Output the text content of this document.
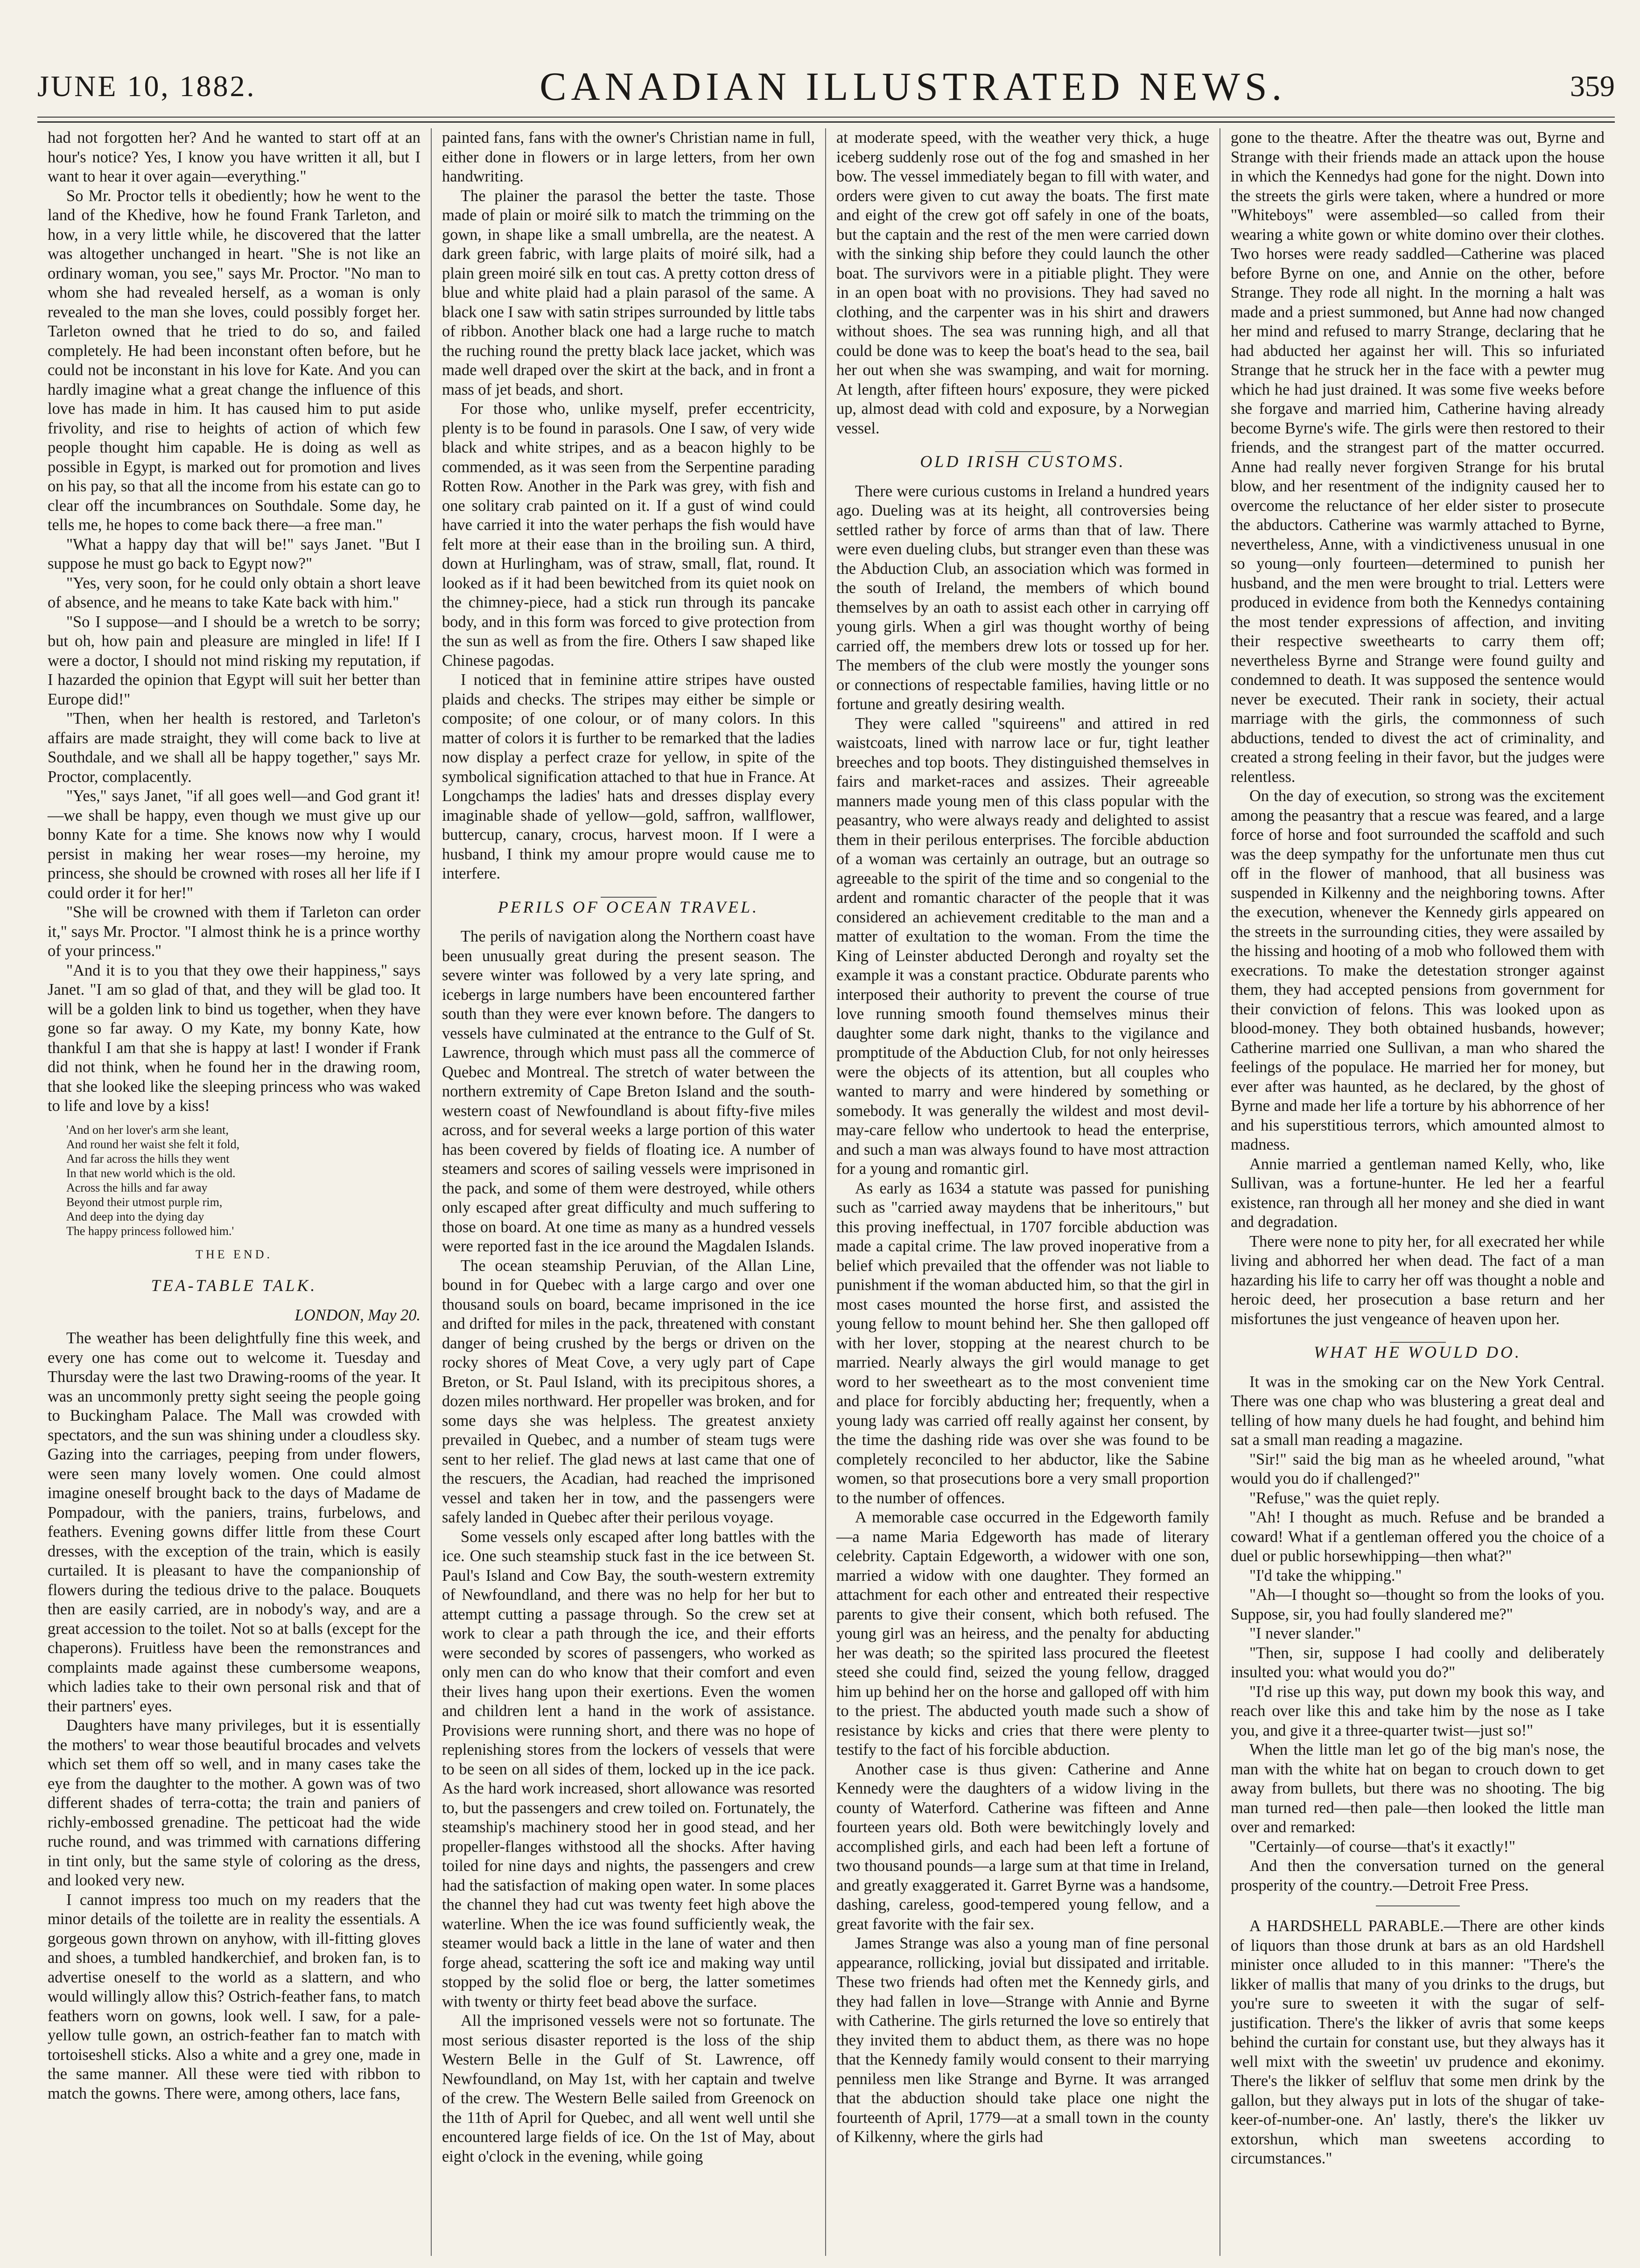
JUNE 10, 1882.	CANADIAN ILLUSTRATED NEWS.	359

had not forgotten her? And he wanted to start off at an hour's notice? Yes, I know you have written it all, but I want to hear it over again—everything."

So Mr. Proctor tells it obediently; how he went to the land of the Khedive, how he found Frank Tarleton, and how, in a very little while, he discovered that the latter was altogether unchanged in heart. "She is not like an ordinary woman, you see," says Mr. Proctor. "No man to whom she had revealed herself, as a woman is only revealed to the man she loves, could possibly forget her. Tarleton owned that he tried to do so, and failed completely. He had been inconstant often before, but he could not be inconstant in his love for Kate. And you can hardly imagine what a great change the influence of this love has made in him. It has caused him to put aside frivolity, and rise to heights of action of which few people thought him capable. He is doing as well as possible in Egypt, is marked out for promotion and lives on his pay, so that all the income from his estate can go to clear off the incumbrances on Southdale. Some day, he tells me, he hopes to come back there—a free man."

"What a happy day that will be!" says Janet. "But I suppose he must go back to Egypt now?"

"Yes, very soon, for he could only obtain a short leave of absence, and he means to take Kate back with him."

"So I suppose—and I should be a wretch to be sorry; but oh, how pain and pleasure are mingled in life! If I were a doctor, I should not mind risking my reputation, if I hazarded the opinion that Egypt will suit her better than Europe did!"

"Then, when her health is restored, and Tarleton's affairs are made straight, they will come back to live at Southdale, and we shall all be happy together," says Mr. Proctor, complacently.

"Yes," says Janet, "if all goes well—and God grant it!—we shall be happy, even though we must give up our bonny Kate for a time. She knows now why I would persist in making her wear roses—my heroine, my princess, she should be crowned with roses all her life if I could order it for her!"

"She will be crowned with them if Tarleton can order it," says Mr. Proctor. "I almost think he is a prince worthy of your princess."

"And it is to you that they owe their happiness," says Janet. "I am so glad of that, and they will be glad too. It will be a golden link to bind us together, when they have gone so far away. O my Kate, my bonny Kate, how thankful I am that she is happy at last! I wonder if Frank did not think, when he found her in the drawing room, that she looked like the sleeping princess who was waked to life and love by a kiss!

'And on her lover's arm she leant,
And round her waist she felt it fold,
And far across the hills they went
In that new world which is the old.
Across the hills and far away
Beyond their utmost purple rim,
And deep into the dying day
The happy princess followed him.'
THE END.
TEA-TABLE TALK.
LONDON, May 20.

The weather has been delightfully fine this week, and every one has come out to welcome it. Tuesday and Thursday were the last two Drawing-rooms of the year. It was an uncommonly pretty sight seeing the people going to Buckingham Palace. The Mall was crowded with spectators, and the sun was shining under a cloudless sky. Gazing into the carriages, peeping from under flowers, were seen many lovely women. One could almost imagine oneself brought back to the days of Madame de Pompadour, with the paniers, trains, furbelows, and feathers. Evening gowns differ little from these Court dresses, with the exception of the train, which is easily curtailed. It is pleasant to have the companionship of flowers during the tedious drive to the palace. Bouquets then are easily carried, are in nobody's way, and are a great accession to the toilet. Not so at balls (except for the chaperons). Fruitless have been the remonstrances and complaints made against these cumbersome weapons, which ladies take to their own personal risk and that of their partners' eyes.

Daughters have many privileges, but it is essentially the mothers' to wear those beautiful brocades and velvets which set them off so well, and in many cases take the eye from the daughter to the mother. A gown was of two different shades of terra-cotta; the train and paniers of richly-embossed grenadine. The petticoat had the wide ruche round, and was trimmed with carnations differing in tint only, but the same style of coloring as the dress, and looked very new.

I cannot impress too much on my readers that the minor details of the toilette are in reality the essentials. A gorgeous gown thrown on anyhow, with ill-fitting gloves and shoes, a tumbled handkerchief, and broken fan, is to advertise oneself to the world as a slattern, and who would willingly allow this? Ostrich-feather fans, to match feathers worn on gowns, look well. I saw, for a pale-yellow tulle gown, an ostrich-feather fan to match with tortoiseshell sticks. Also a white and a grey one, made in the same manner. All these were tied with ribbon to match the gowns. There were, among others, lace fans,

painted fans, fans with the owner's Christian name in full, either done in flowers or in large letters, from her own handwriting.

The plainer the parasol the better the taste. Those made of plain or moiré silk to match the trimming on the gown, in shape like a small umbrella, are the neatest. A dark green fabric, with large plaits of moiré silk, had a plain green moiré silk en tout cas. A pretty cotton dress of blue and white plaid had a plain parasol of the same. A black one I saw with satin stripes surrounded by little tabs of ribbon. Another black one had a large ruche to match the ruching round the pretty black lace jacket, which was made well draped over the skirt at the back, and in front a mass of jet beads, and short.

For those who, unlike myself, prefer eccentricity, plenty is to be found in parasols. One I saw, of very wide black and white stripes, and as a beacon highly to be commended, as it was seen from the Serpentine parading Rotten Row. Another in the Park was grey, with fish and one solitary crab painted on it. If a gust of wind could have carried it into the water perhaps the fish would have felt more at their ease than in the broiling sun. A third, down at Hurlingham, was of straw, small, flat, round. It looked as if it had been bewitched from its quiet nook on the chimney-piece, had a stick run through its pancake body, and in this form was forced to give protection from the sun as well as from the fire. Others I saw shaped like Chinese pagodas.

I noticed that in feminine attire stripes have ousted plaids and checks. The stripes may either be simple or composite; of one colour, or of many colors. In this matter of colors it is further to be remarked that the ladies now display a perfect craze for yellow, in spite of the symbolical signification attached to that hue in France. At Longchamps the ladies' hats and dresses display every imaginable shade of yellow—gold, saffron, wallflower, buttercup, canary, crocus, harvest moon. If I were a husband, I think my amour propre would cause me to interfere.

PERILS OF OCEAN TRAVEL.

The perils of navigation along the Northern coast have been unusually great during the present season. The severe winter was followed by a very late spring, and icebergs in large numbers have been encountered farther south than they were ever known before. The dangers to vessels have culminated at the entrance to the Gulf of St. Lawrence, through which must pass all the commerce of Quebec and Montreal. The stretch of water between the northern extremity of Cape Breton Island and the south-western coast of Newfoundland is about fifty-five miles across, and for several weeks a large portion of this water has been covered by fields of floating ice. A number of steamers and scores of sailing vessels were imprisoned in the pack, and some of them were destroyed, while others only escaped after great difficulty and much suffering to those on board. At one time as many as a hundred vessels were reported fast in the ice around the Magdalen Islands.

The ocean steamship Peruvian, of the Allan Line, bound in for Quebec with a large cargo and over one thousand souls on board, became imprisoned in the ice and drifted for miles in the pack, threatened with constant danger of being crushed by the bergs or driven on the rocky shores of Meat Cove, a very ugly part of Cape Breton, or St. Paul Island, with its precipitous shores, a dozen miles northward. Her propeller was broken, and for some days she was helpless. The greatest anxiety prevailed in Quebec, and a number of steam tugs were sent to her relief. The glad news at last came that one of the rescuers, the Acadian, had reached the imprisoned vessel and taken her in tow, and the passengers were safely landed in Quebec after their perilous voyage.

Some vessels only escaped after long battles with the ice. One such steamship stuck fast in the ice between St. Paul's Island and Cow Bay, the south-western extremity of Newfoundland, and there was no help for her but to attempt cutting a passage through. So the crew set at work to clear a path through the ice, and their efforts were seconded by scores of passengers, who worked as only men can do who know that their comfort and even their lives hang upon their exertions. Even the women and children lent a hand in the work of assistance. Provisions were running short, and there was no hope of replenishing stores from the lockers of vessels that were to be seen on all sides of them, locked up in the ice pack. As the hard work increased, short allowance was resorted to, but the passengers and crew toiled on. Fortunately, the steamship's machinery stood her in good stead, and her propeller-flanges withstood all the shocks. After having toiled for nine days and nights, the passengers and crew had the satisfaction of making open water. In some places the channel they had cut was twenty feet high above the waterline. When the ice was found sufficiently weak, the steamer would back a little in the lane of water and then forge ahead, scattering the soft ice and making way until stopped by the solid floe or berg, the latter sometimes with twenty or thirty feet bead above the surface.

All the imprisoned vessels were not so fortunate. The most serious disaster reported is the loss of the ship Western Belle in the Gulf of St. Lawrence, off Newfoundland, on May 1st, with her captain and twelve of the crew. The Western Belle sailed from Greenock on the 11th of April for Quebec, and all went well until she encountered large fields of ice. On the 1st of May, about eight o'clock in the evening, while going

at moderate speed, with the weather very thick, a huge iceberg suddenly rose out of the fog and smashed in her bow. The vessel immediately began to fill with water, and orders were given to cut away the boats. The first mate and eight of the crew got off safely in one of the boats, but the captain and the rest of the men were carried down with the sinking ship before they could launch the other boat. The survivors were in a pitiable plight. They were in an open boat with no provisions. They had saved no clothing, and the carpenter was in his shirt and drawers without shoes. The sea was running high, and all that could be done was to keep the boat's head to the sea, bail her out when she was swamping, and wait for morning. At length, after fifteen hours' exposure, they were picked up, almost dead with cold and exposure, by a Norwegian vessel.

OLD IRISH CUSTOMS.

There were curious customs in Ireland a hundred years ago. Dueling was at its height, all controversies being settled rather by force of arms than that of law. There were even dueling clubs, but stranger even than these was the Abduction Club, an association which was formed in the south of Ireland, the members of which bound themselves by an oath to assist each other in carrying off young girls. When a girl was thought worthy of being carried off, the members drew lots or tossed up for her. The members of the club were mostly the younger sons or connections of respectable families, having little or no fortune and greatly desiring wealth.

They were called "squireens" and attired in red waistcoats, lined with narrow lace or fur, tight leather breeches and top boots. They distinguished themselves in fairs and market-races and assizes. Their agreeable manners made young men of this class popular with the peasantry, who were always ready and delighted to assist them in their perilous enterprises. The forcible abduction of a woman was certainly an outrage, but an outrage so agreeable to the spirit of the time and so congenial to the ardent and romantic character of the people that it was considered an achievement creditable to the man and a matter of exultation to the woman. From the time the King of Leinster abducted Derongh and royalty set the example it was a constant practice. Obdurate parents who interposed their authority to prevent the course of true love running smooth found themselves minus their daughter some dark night, thanks to the vigilance and promptitude of the Abduction Club, for not only heiresses were the objects of its attention, but all couples who wanted to marry and were hindered by something or somebody. It was generally the wildest and most devil-may-care fellow who undertook to head the enterprise, and such a man was always found to have most attraction for a young and romantic girl.

As early as 1634 a statute was passed for punishing such as "carried away maydens that be inheritours," but this proving ineffectual, in 1707 forcible abduction was made a capital crime. The law proved inoperative from a belief which prevailed that the offender was not liable to punishment if the woman abducted him, so that the girl in most cases mounted the horse first, and assisted the young fellow to mount behind her. She then galloped off with her lover, stopping at the nearest church to be married. Nearly always the girl would manage to get word to her sweetheart as to the most convenient time and place for forcibly abducting her; frequently, when a young lady was carried off really against her consent, by the time the dashing ride was over she was found to be completely reconciled to her abductor, like the Sabine women, so that prosecutions bore a very small proportion to the number of offences.

A memorable case occurred in the Edgeworth family—a name Maria Edgeworth has made of literary celebrity. Captain Edgeworth, a widower with one son, married a widow with one daughter. They formed an attachment for each other and entreated their respective parents to give their consent, which both refused. The young girl was an heiress, and the penalty for abducting her was death; so the spirited lass procured the fleetest steed she could find, seized the young fellow, dragged him up behind her on the horse and galloped off with him to the priest. The abducted youth made such a show of resistance by kicks and cries that there were plenty to testify to the fact of his forcible abduction.

Another case is thus given: Catherine and Anne Kennedy were the daughters of a widow living in the county of Waterford. Catherine was fifteen and Anne fourteen years old. Both were bewitchingly lovely and accomplished girls, and each had been left a fortune of two thousand pounds—a large sum at that time in Ireland, and greatly exaggerated it. Garret Byrne was a handsome, dashing, careless, good-tempered young fellow, and a great favorite with the fair sex.

James Strange was also a young man of fine personal appearance, rollicking, jovial but dissipated and irritable. These two friends had often met the Kennedy girls, and they had fallen in love—Strange with Annie and Byrne with Catherine. The girls returned the love so entirely that they invited them to abduct them, as there was no hope that the Kennedy family would consent to their marrying penniless men like Strange and Byrne. It was arranged that the abduction should take place one night the fourteenth of April, 1779—at a small town in the county of Kilkenny, where the girls had

gone to the theatre. After the theatre was out, Byrne and Strange with their friends made an attack upon the house in which the Kennedys had gone for the night. Down into the streets the girls were taken, where a hundred or more "Whiteboys" were assembled—so called from their wearing a white gown or white domino over their clothes. Two horses were ready saddled—Catherine was placed before Byrne on one, and Annie on the other, before Strange. They rode all night. In the morning a halt was made and a priest summoned, but Anne had now changed her mind and refused to marry Strange, declaring that he had abducted her against her will. This so infuriated Strange that he struck her in the face with a pewter mug which he had just drained. It was some five weeks before she forgave and married him, Catherine having already become Byrne's wife. The girls were then restored to their friends, and the strangest part of the matter occurred. Anne had really never forgiven Strange for his brutal blow, and her resentment of the indignity caused her to overcome the reluctance of her elder sister to prosecute the abductors. Catherine was warmly attached to Byrne, nevertheless, Anne, with a vindictiveness unusual in one so young—only fourteen—determined to punish her husband, and the men were brought to trial. Letters were produced in evidence from both the Kennedys containing the most tender expressions of affection, and inviting their respective sweethearts to carry them off; nevertheless Byrne and Strange were found guilty and condemned to death. It was supposed the sentence would never be executed. Their rank in society, their actual marriage with the girls, the commonness of such abductions, tended to divest the act of criminality, and created a strong feeling in their favor, but the judges were relentless.

On the day of execution, so strong was the excitement among the peasantry that a rescue was feared, and a large force of horse and foot surrounded the scaffold and such was the deep sympathy for the unfortunate men thus cut off in the flower of manhood, that all business was suspended in Kilkenny and the neighboring towns. After the execution, whenever the Kennedy girls appeared on the streets in the surrounding cities, they were assailed by the hissing and hooting of a mob who followed them with execrations. To make the detestation stronger against them, they had accepted pensions from government for their conviction of felons. This was looked upon as blood-money. They both obtained husbands, however; Catherine married one Sullivan, a man who shared the feelings of the populace. He married her for money, but ever after was haunted, as he declared, by the ghost of Byrne and made her life a torture by his abhorrence of her and his superstitious terrors, which amounted almost to madness.

Annie married a gentleman named Kelly, who, like Sullivan, was a fortune-hunter. He led her a fearful existence, ran through all her money and she died in want and degradation.

There were none to pity her, for all execrated her while living and abhorred her when dead. The fact of a man hazarding his life to carry her off was thought a noble and heroic deed, her prosecution a base return and her misfortunes the just vengeance of heaven upon her.

WHAT HE WOULD DO.

It was in the smoking car on the New York Central. There was one chap who was blustering a great deal and telling of how many duels he had fought, and behind him sat a small man reading a magazine.

"Sir!" said the big man as he wheeled around, "what would you do if challenged?"

"Refuse," was the quiet reply.

"Ah! I thought as much. Refuse and be branded a coward! What if a gentleman offered you the choice of a duel or public horsewhipping—then what?"

"I'd take the whipping."

"Ah—I thought so—thought so from the looks of you. Suppose, sir, you had foully slandered me?"

"I never slander."

"Then, sir, suppose I had coolly and deliberately insulted you: what would you do?"

"I'd rise up this way, put down my book this way, and reach over like this and take him by the nose as I take you, and give it a three-quarter twist—just so!"

When the little man let go of the big man's nose, the man with the white hat on began to crouch down to get away from bullets, but there was no shooting. The big man turned red—then pale—then looked the little man over and remarked:

"Certainly—of course—that's it exactly!"

And then the conversation turned on the general prosperity of the country.—Detroit Free Press.

A HARDSHELL PARABLE.—There are other kinds of liquors than those drunk at bars as an old Hardshell minister once alluded to in this manner: "There's the likker of mallis that many of you drinks to the drugs, but you're sure to sweeten it with the sugar of self-justification. There's the likker of avris that some keeps behind the curtain for constant use, but they always has it well mixt with the sweetin' uv prudence and ekonimy. There's the likker of selfluv that some men drink by the gallon, but they always put in lots of the shugar of take-keer-of-number-one. An' lastly, there's the likker uv extorshun, which man sweetens according to circumstances."
